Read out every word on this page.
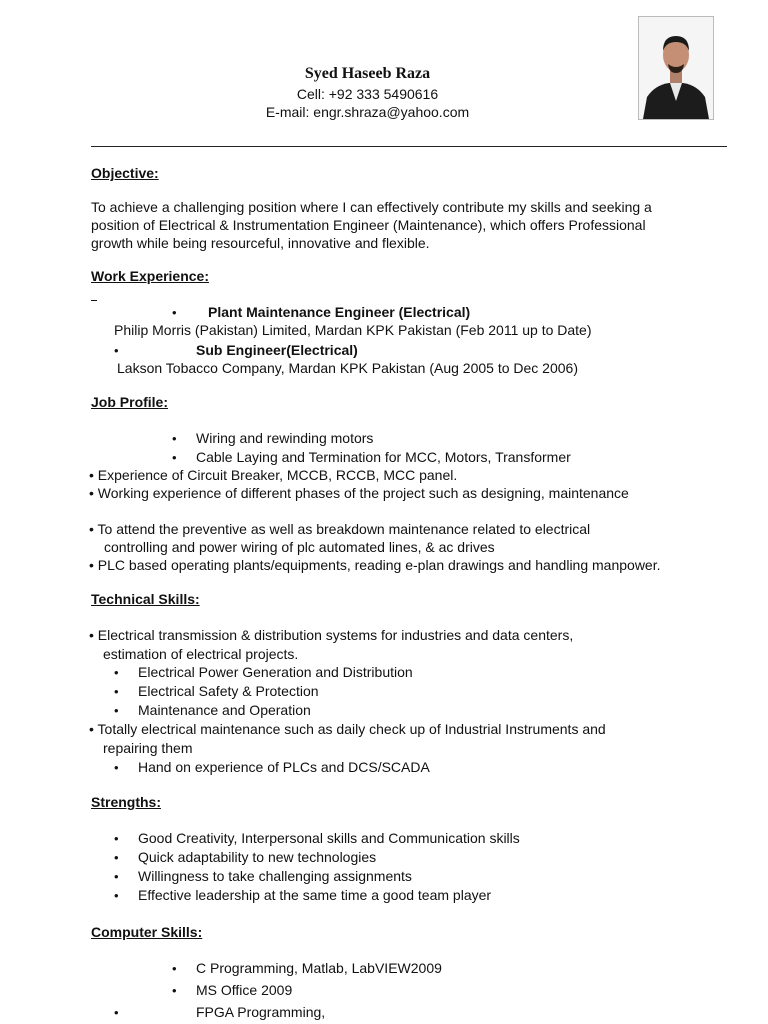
Syed Haseeb Raza
Cell: +92 333 5490616
E-mail: engr.shraza@yahoo.com
Objective:
To achieve a challenging position where I can effectively contribute my skills and seeking a
position of Electrical & Instrumentation Engineer (Maintenance), which offers Professional
growth while being resourceful, innovative and flexible.
Work Experience:
• Plant Maintenance Engineer (Electrical)
Philip Morris (Pakistan) Limited, Mardan KPK Pakistan (Feb 2011 up to Date)
•	Sub Engineer(Electrical)
Lakson Tobacco Company, Mardan KPK Pakistan (Aug 2005 to Dec 2006)
Job Profile:
• Wiring and rewinding motors
• Cable Laying and Termination for MCC, Motors, Transformer
• Experience of Circuit Breaker, MCCB, RCCB, MCC panel.
• Working experience of different phases of the project such as designing, maintenance
• To attend the preventive as well as breakdown maintenance related to electrical
controlling and power wiring of plc automated lines, & ac drives
• PLC based operating plants/equipments, reading e-plan drawings and handling manpower.
Technical Skills:
• Electrical transmission & distribution systems for industries and data centers,
estimation of electrical projects.
• Electrical Power Generation and Distribution
• Electrical Safety & Protection
• Maintenance and Operation
• Totally electrical maintenance such as daily check up of Industrial Instruments and
repairing them
• Hand on experience of PLCs and DCS/SCADA
Strengths:
• Good Creativity, Interpersonal skills and Communication skills
• Quick adaptability to new technologies
• Willingness to take challenging assignments
• Effective leadership at the same time a good team player
Computer Skills:
• C Programming, Matlab, LabVIEW2009
• MS Office 2009
•	FPGA Programming,
